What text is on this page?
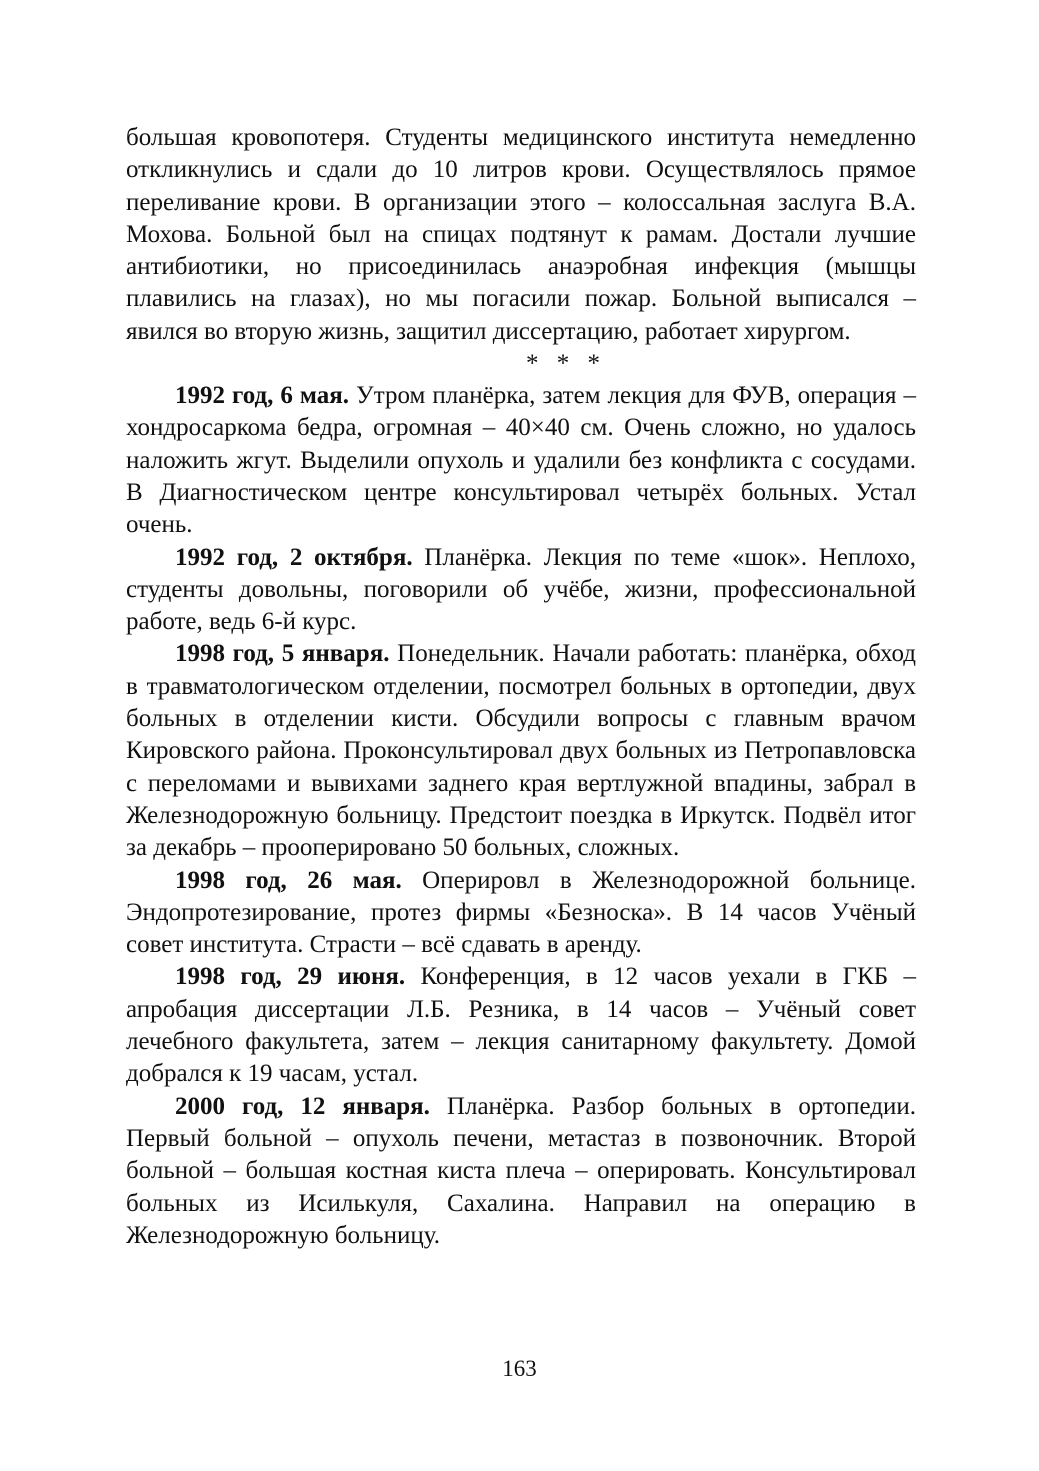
большая кровопотеря. Студенты медицинского института немедленно откликнулись и сдали до 10 литров крови. Осуществлялось прямое переливание крови. В организации этого – колоссальная заслуга В.А. Мохова. Больной был на спицах подтянут к рамам. Достали лучшие антибиотики, но присоединилась анаэробная инфекция (мышцы плавились на глазах), но мы погасили пожар. Больной выписался – явился во вторую жизнь, защитил диссертацию, работает хирургом.

* * *

1992 год, 6 мая. Утром планёрка, затем лекция для ФУВ, операция – хондросаркома бедра, огромная – 40×40 см. Очень сложно, но удалось наложить жгут. Выделили опухоль и удалили без конфликта с сосудами. В Диагностическом центре консультировал четырёх больных. Устал очень.

1992 год, 2 октября. Планёрка. Лекция по теме «шок». Неплохо, студенты довольны, поговорили об учёбе, жизни, профессиональной работе, ведь 6-й курс.

1998 год, 5 января. Понедельник. Начали работать: планёрка, обход в травматологическом отделении, посмотрел больных в ортопедии, двух больных в отделении кисти. Обсудили вопросы с главным врачом Кировского района. Проконсультировал двух больных из Петропавловска с переломами и вывихами заднего края вертлужной впадины, забрал в Железнодорожную больницу. Предстоит поездка в Иркутск. Подвёл итог за декабрь – прооперировано 50 больных, сложных.

1998 год, 26 мая. Оперировл в Железнодорожной больнице. Эндопротезирование, протез фирмы «Безноска». В 14 часов Учёный совет института. Страсти – всё сдавать в аренду.

1998 год, 29 июня. Конференция, в 12 часов уехали в ГКБ – апробация диссертации Л.Б. Резника, в 14 часов – Учёный совет лечебного факультета, затем – лекция санитарному факультету. Домой добрался к 19 часам, устал.

2000 год, 12 января. Планёрка. Разбор больных в ортопедии. Первый больной – опухоль печени, метастаз в позвоночник. Второй больной – большая костная киста плеча – оперировать. Консультировал больных из Исилькуля, Сахалина. Направил на операцию в Железнодорожную больницу.

163
